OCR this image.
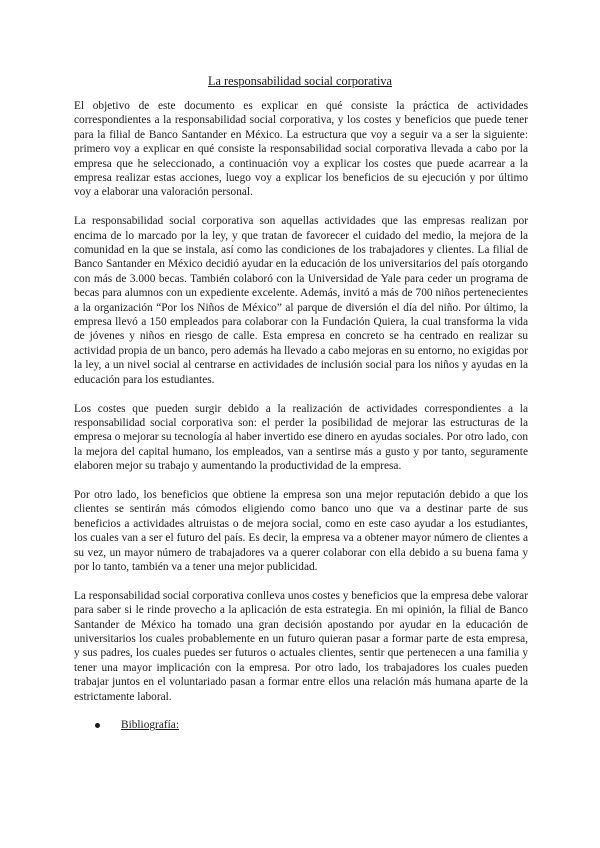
La responsabilidad social corporativa

El objetivo de este documento es explicar en qué consiste la práctica de actividades correspondientes a la responsabilidad social corporativa, y los costes y beneficios que puede tener para la filial de Banco Santander en México. La estructura que voy a seguir va a ser la siguiente: primero voy a explicar en qué consiste la responsabilidad social corporativa llevada a cabo por la empresa que he seleccionado, a continuación voy a explicar los costes que puede acarrear a la empresa realizar estas acciones, luego voy a explicar los beneficios de su ejecución y por último voy a elaborar una valoración personal.

La responsabilidad social corporativa son aquellas actividades que las empresas realizan por encima de lo marcado por la ley, y que tratan de favorecer el cuidado del medio, la mejora de la comunidad en la que se instala, así como las condiciones de los trabajadores y clientes. La filial de Banco Santander en México decidió ayudar en la educación de los universitarios del país otorgando con más de 3.000 becas. También colaboró con la Universidad de Yale para ceder un programa de becas para alumnos con un expediente excelente. Además, invitó a más de 700 niños pertenecientes a la organización “Por los Niños de México” al parque de diversión el día del niño. Por último, la empresa llevó a 150 empleados para colaborar con la Fundación Quiera, la cual transforma la vida de jóvenes y niños en riesgo de calle. Esta empresa en concreto se ha centrado en realizar su actividad propia de un banco, pero además ha llevado a cabo mejoras en su entorno, no exigidas por la ley, a un nivel social al centrarse en actividades de inclusión social para los niños y ayudas en la educación para los estudiantes.

Los costes que pueden surgir debido a la realización de actividades correspondientes a la responsabilidad social corporativa son: el perder la posibilidad de mejorar las estructuras de la empresa o mejorar su tecnología al haber invertido ese dinero en ayudas sociales. Por otro lado, con la mejora del capital humano, los empleados, van a sentirse más a gusto y por tanto, seguramente elaboren mejor su trabajo y aumentando la productividad de la empresa.

Por otro lado, los beneficios que obtiene la empresa son una mejor reputación debido a que los clientes se sentirán más cómodos eligiendo como banco uno que va a destinar parte de sus beneficios a actividades altruistas o de mejora social, como en este caso ayudar a los estudiantes, los cuales van a ser el futuro del país. Es decir, la empresa va a obtener mayor número de clientes a su vez, un mayor número de trabajadores va a querer colaborar con ella debido a su buena fama y por lo tanto, también va a tener una mejor publicidad.

La responsabilidad social corporativa conlleva unos costes y beneficios que la empresa debe valorar para saber si le rinde provecho a la aplicación de esta estrategia. En mi opinión, la filial de Banco Santander de México ha tomado una gran decisión apostando por ayudar en la educación de universitarios los cuales probablemente en un futuro quieran pasar a formar parte de esta empresa, y sus padres, los cuales puedes ser futuros o actuales clientes, sentir que pertenecen a una familia y tener una mayor implicación con la empresa. Por otro lado, los trabajadores los cuales pueden trabajar juntos en el voluntariado pasan a formar entre ellos una relación más humana aparte de la estrictamente laboral.

Bibliografía:
